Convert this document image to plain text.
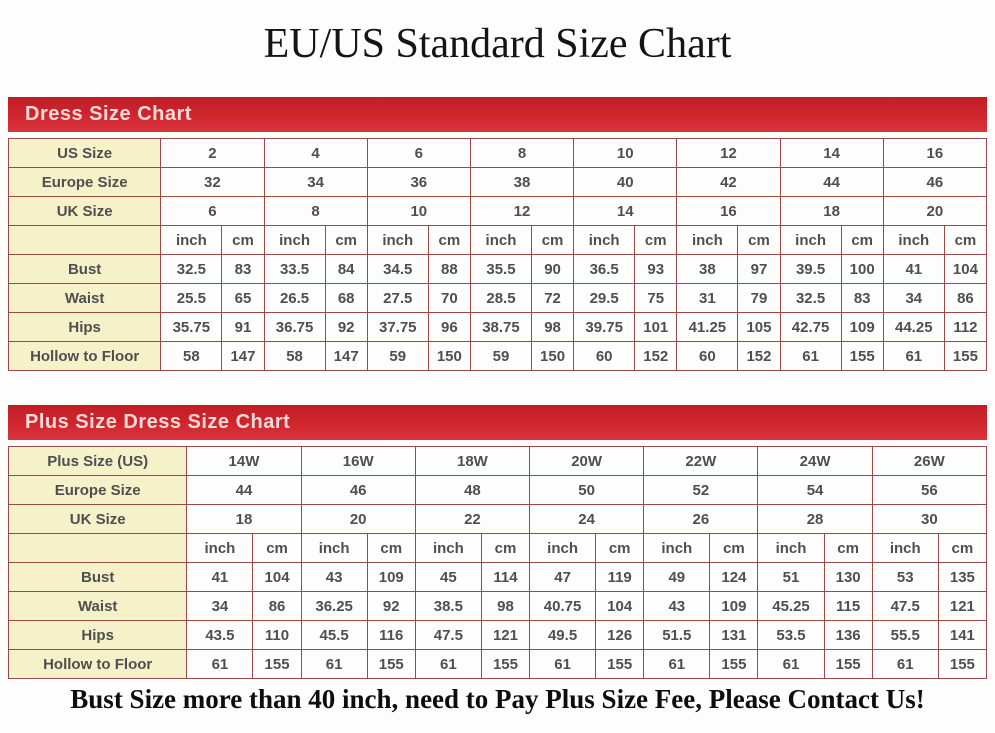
EU/US Standard Size Chart
Dress Size Chart
US Size	2		4		6		8		10		12		14		16	
Europe Size	32		34		36		38		40		42		44		46	
UK Size	6		8		10		12		14		16		18		20	
	inch	cm	inch	cm	inch	cm	inch	cm	inch	cm	inch	cm	inch	cm	inch	cm
Bust	32.5	83	33.5	84	34.5	88	35.5	90	36.5	93	38	97	39.5	100	41	104
Waist	25.5	65	26.5	68	27.5	70	28.5	72	29.5	75	31	79	32.5	83	34	86
Hips	35.75	91	36.75	92	37.75	96	38.75	98	39.75	101	41.25	105	42.75	109	44.25	112
Hollow to Floor	58	147	58	147	59	150	59	150	60	152	60	152	61	155	61	155
Plus Size Dress Size Chart
Plus Size (US)	14W		16W		18W		20W		22W		24W		26W	
Europe Size	44		46		48		50		52		54		56	
UK Size	18		20		22		24		26		28		30	
	inch	cm	inch	cm	inch	cm	inch	cm	inch	cm	inch	cm	inch	cm
Bust	41	104	43	109	45	114	47	119	49	124	51	130	53	135
Waist	34	86	36.25	92	38.5	98	40.75	104	43	109	45.25	115	47.5	121
Hips	43.5	110	45.5	116	47.5	121	49.5	126	51.5	131	53.5	136	55.5	141
Hollow to Floor	61	155	61	155	61	155	61	155	61	155	61	155	61	155
Bust Size more than 40 inch, need to Pay Plus Size Fee, Please Contact Us!
